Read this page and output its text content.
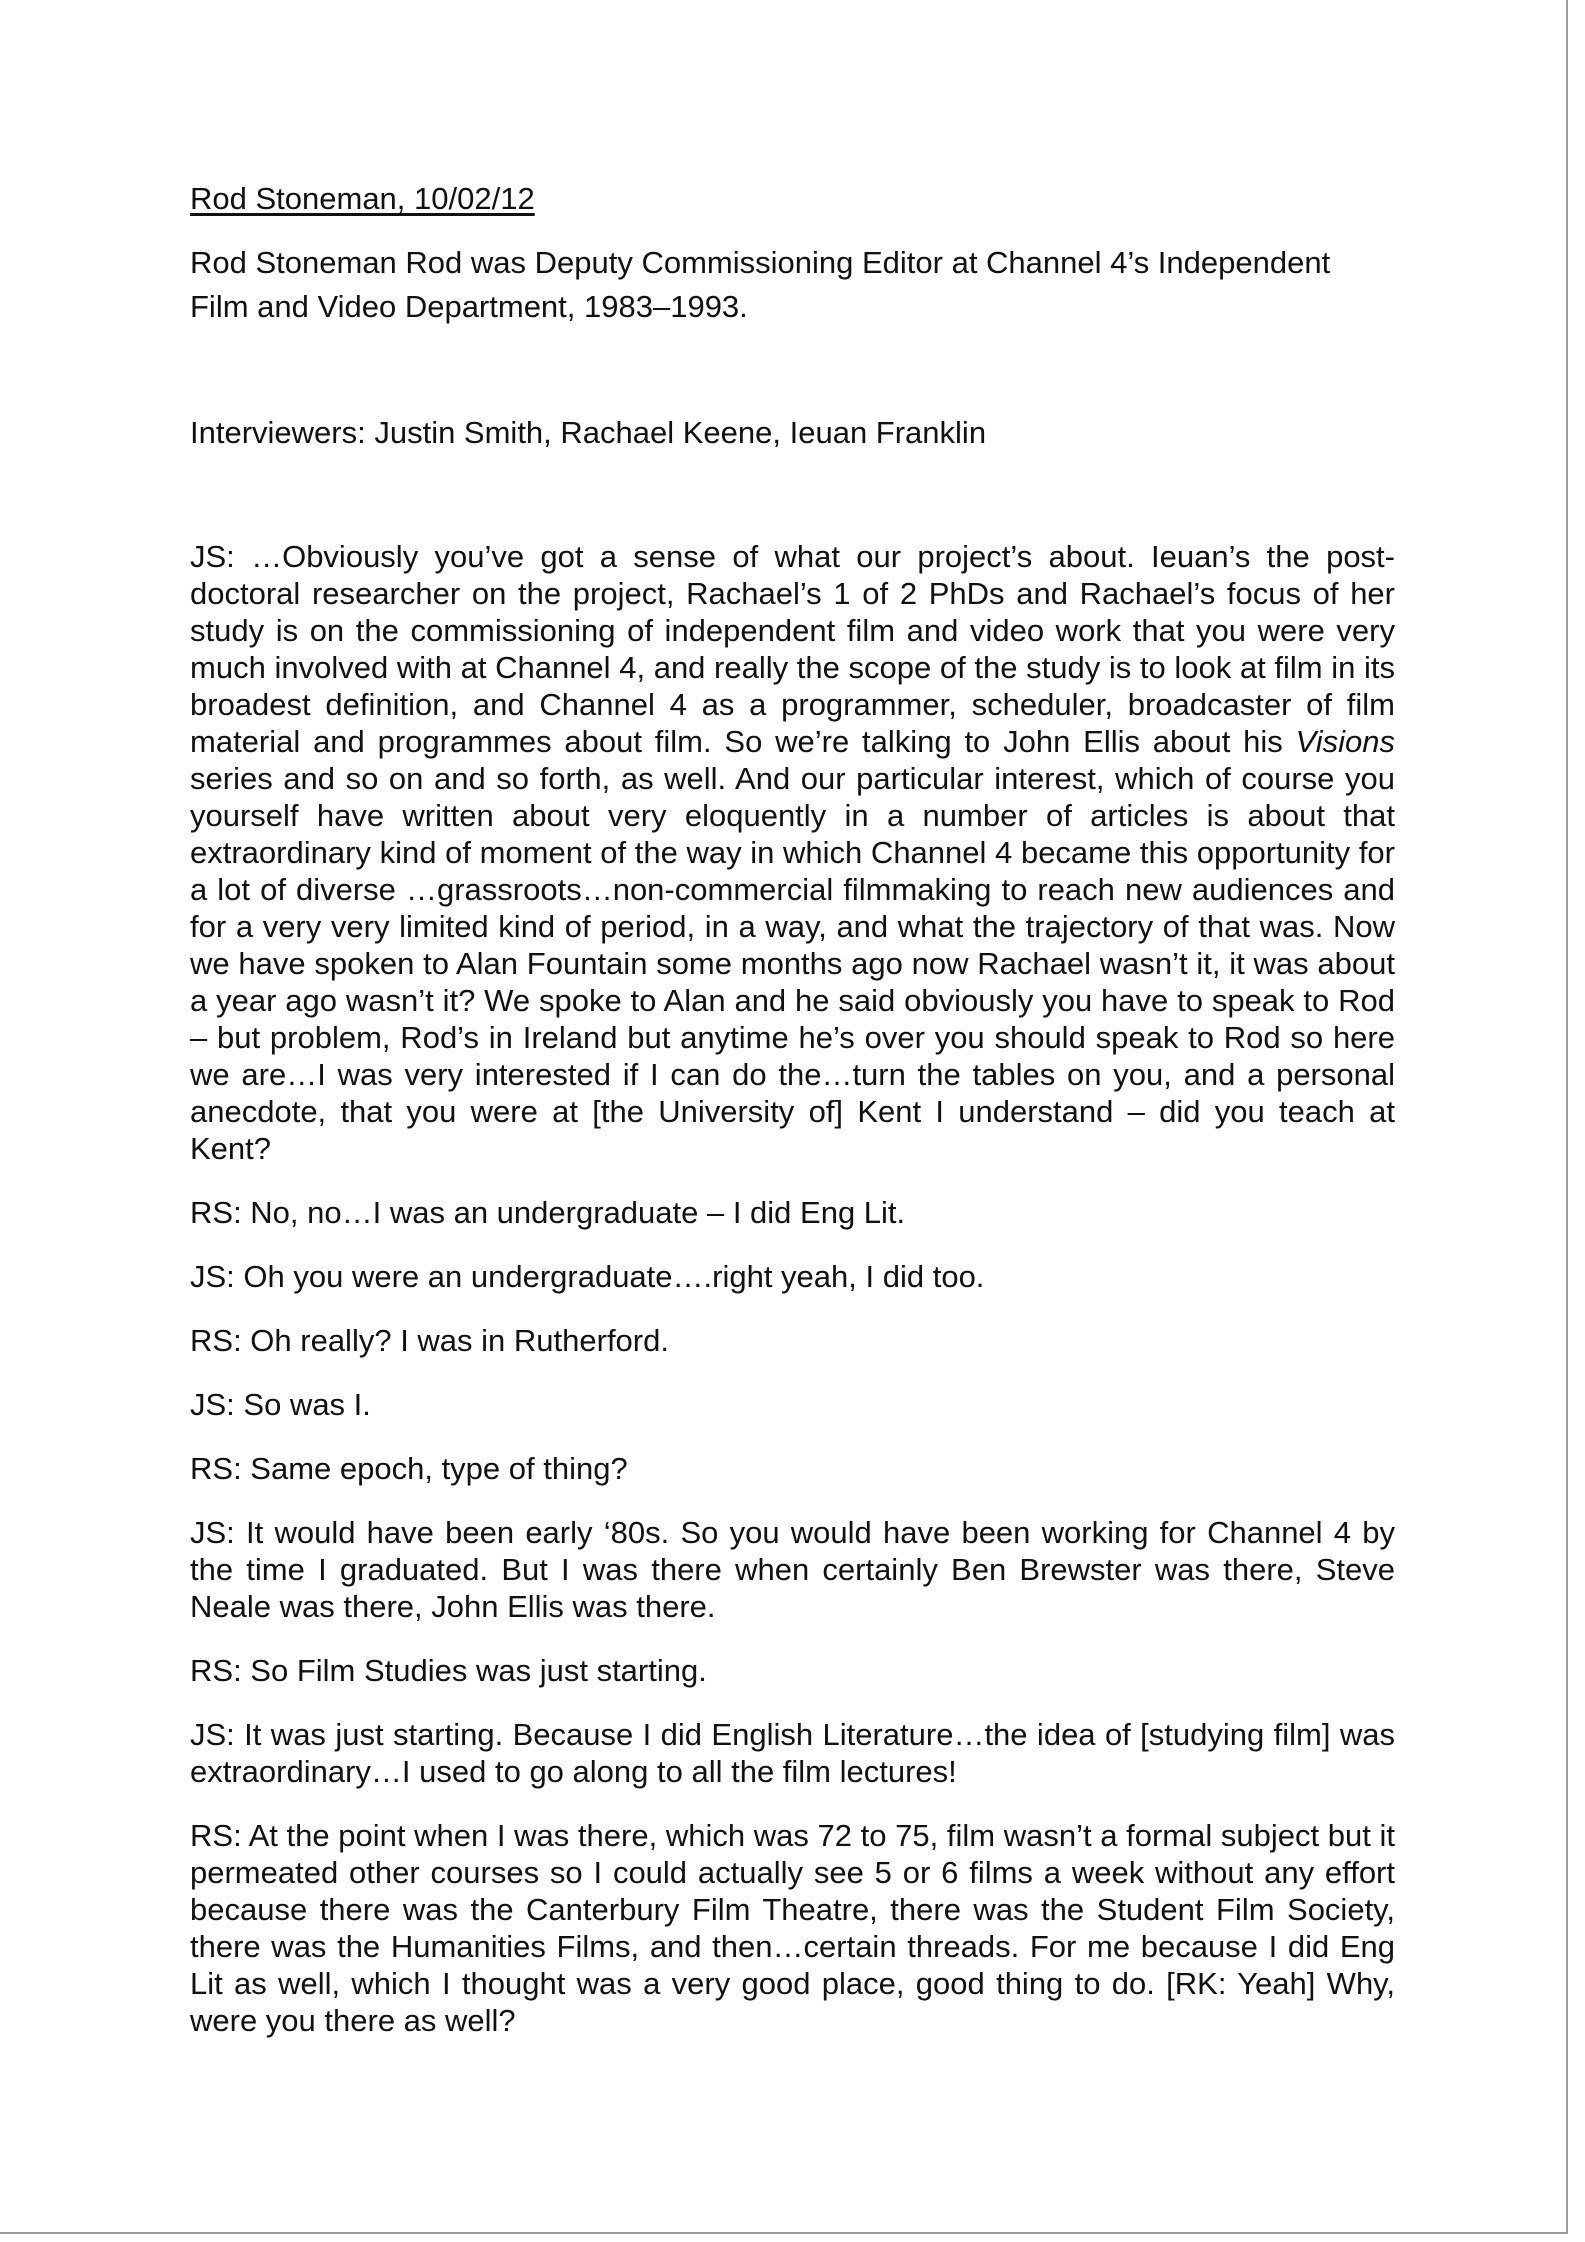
Rod Stoneman, 10/02/12
Rod Stoneman Rod was Deputy Commissioning Editor at Channel 4’s Independent Film and Video Department, 1983–1993.
Interviewers: Justin Smith, Rachael Keene, Ieuan Franklin
JS: …Obviously you’ve got a sense of what our project’s about. Ieuan’s the post-doctoral researcher on the project, Rachael’s 1 of 2 PhDs and Rachael’s focus of her study is on the commissioning of independent film and video work that you were very much involved with at Channel 4, and really the scope of the study is to look at film in its broadest definition, and Channel 4 as a programmer, scheduler, broadcaster of film material and programmes about film. So we’re talking to John Ellis about his Visions series and so on and so forth, as well. And our particular interest, which of course you yourself have written about very eloquently in a number of articles is about that extraordinary kind of moment of the way in which Channel 4 became this opportunity for a lot of diverse …grassroots…non-commercial filmmaking to reach new audiences and for a very very limited kind of period, in a way, and what the trajectory of that was. Now we have spoken to Alan Fountain some months ago now Rachael wasn’t it, it was about a year ago wasn’t it? We spoke to Alan and he said obviously you have to speak to Rod – but problem, Rod’s in Ireland but anytime he’s over you should speak to Rod so here we are…I was very interested if I can do the…turn the tables on you, and a personal anecdote, that you were at [the University of] Kent I understand – did you teach at Kent?
RS: No, no…I was an undergraduate – I did Eng Lit.
JS: Oh you were an undergraduate….right yeah, I did too.
RS: Oh really? I was in Rutherford.
JS: So was I.
RS: Same epoch, type of thing?
JS: It would have been early ‘80s. So you would have been working for Channel 4 by the time I graduated. But I was there when certainly Ben Brewster was there, Steve Neale was there, John Ellis was there.
RS: So Film Studies was just starting.
JS: It was just starting. Because I did English Literature…the idea of [studying film] was extraordinary…I used to go along to all the film lectures!
RS: At the point when I was there, which was 72 to 75, film wasn’t a formal subject but it permeated other courses so I could actually see 5 or 6 films a week without any effort because there was the Canterbury Film Theatre, there was the Student Film Society, there was the Humanities Films, and then…certain threads. For me because I did Eng Lit as well, which I thought was a very good place, good thing to do. [RK: Yeah] Why, were you there as well?
